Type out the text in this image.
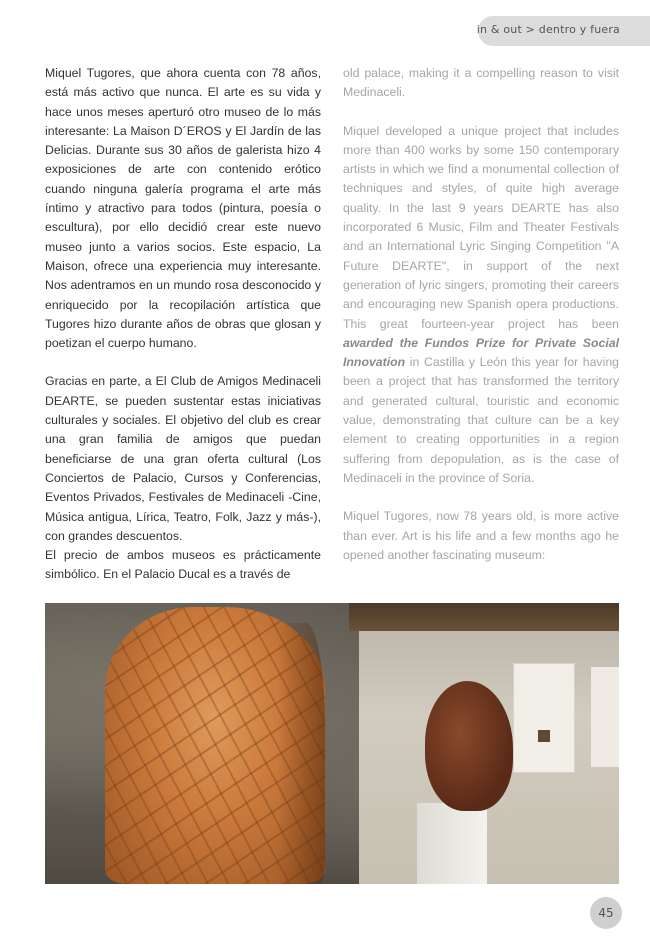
in & out > dentro y fuera

Miquel Tugores, que ahora cuenta con 78 años, está más activo que nunca. El arte es su vida y hace unos meses aperturó otro museo de lo más interesante: La Maison D´EROS y El Jardín de las Delicias. Durante sus 30 años de galerista hizo 4 exposiciones de arte con contenido erótico cuando ninguna galería programa el arte más íntimo y atractivo para todos (pintura, poesía o escultura), por ello decidió crear este nuevo museo junto a varios socios. Este espacio, La Maison, ofrece una experiencia muy interesante. Nos adentramos en un mundo rosa desconocido y enriquecido por la recopilación artística que Tugores hizo durante años de obras que glosan y poetizan el cuerpo humano.

Gracias en parte, a El Club de Amigos Medinaceli DEARTE, se pueden sustentar estas iniciativas culturales y sociales. El objetivo del club es crear una gran familia de amigos que puedan beneficiarse de una gran oferta cultural (Los Conciertos de Palacio, Cursos y Conferencias, Eventos Privados, Festivales de Medinaceli -Cine, Música antigua, Lírica, Teatro, Folk, Jazz y más-), con grandes descuentos.

El precio de ambos museos es prácticamente simbólico. En el Palacio Ducal es a través de

old palace, making it a compelling reason to visit Medinaceli.

Miquel developed a unique project that includes more than 400 works by some 150 contemporary artists in which we find a monumental collection of techniques and styles, of quite high average quality. In the last 9 years DEARTE has also incorporated 6 Music, Film and Theater Festivals and an International Lyric Singing Competition "A Future DEARTE", in support of the next generation of lyric singers, promoting their careers and encouraging new Spanish opera productions. This great fourteen-year project has been awarded the Fundos Prize for Private Social Innovation in Castilla y León this year for having been a project that has transformed the territory and generated cultural, touristic and economic value, demonstrating that culture can be a key element to creating opportunities in a region suffering from depopulation, as is the case of Medinaceli in the province of Soria.

Miquel Tugores, now 78 years old, is more active than ever. Art is his life and a few months ago he opened another fascinating museum:

45
